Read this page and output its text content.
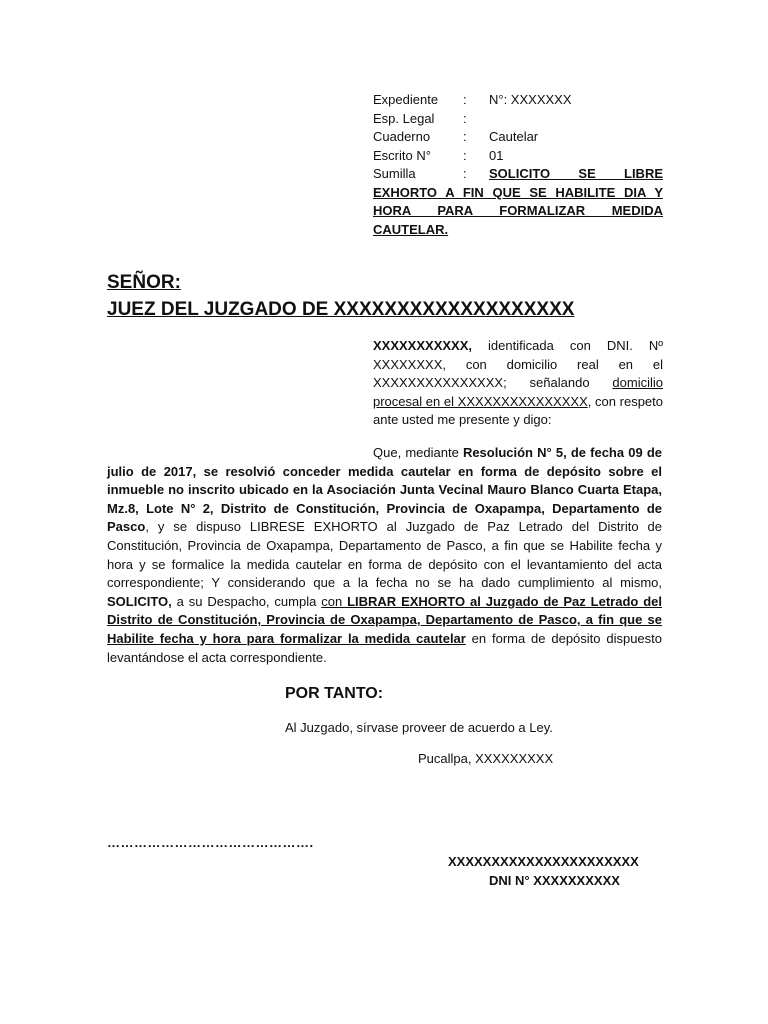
Expediente	:	N°: XXXXXXX
Esp. Legal	:
Cuaderno	:	Cautelar
Escrito N°	:	01
Sumilla	:	SOLICITO SE LIBRE
EXHORTO A FIN QUE SE HABILITE DIA Y HORA PARA FORMALIZAR MEDIDA CAUTELAR.
SEÑOR:
JUEZ DEL JUZGADO DE XXXXXXXXXXXXXXXXXXX
XXXXXXXXXXX, identificada con DNI. Nº XXXXXXXX, con domicilio real en el XXXXXXXXXXXXXXX; señalando domicilio procesal en el XXXXXXXXXXXXXXX, con respeto ante usted me presente y digo:
Que, mediante Resolución N° 5, de fecha 09 de julio de 2017, se resolvió conceder medida cautelar en forma de depósito sobre el inmueble no inscrito ubicado en la Asociación Junta Vecinal Mauro Blanco Cuarta Etapa, Mz.8, Lote N° 2, Distrito de Constitución, Provincia de Oxapampa, Departamento de Pasco, y se dispuso LIBRESE EXHORTO al Juzgado de Paz Letrado del Distrito de Constitución, Provincia de Oxapampa, Departamento de Pasco, a fin que se Habilite fecha y hora y se formalice la medida cautelar en forma de depósito con el levantamiento del acta correspondiente; Y considerando que a la fecha no se ha dado cumplimiento al mismo, SOLICITO, a su Despacho, cumpla con LIBRAR EXHORTO al Juzgado de Paz Letrado del Distrito de Constitución, Provincia de Oxapampa, Departamento de Pasco, a fin que se Habilite fecha y hora para formalizar la medida cautelar en forma de depósito dispuesto levantándose el acta correspondiente.
POR TANTO:
Al Juzgado, sírvase proveer de acuerdo a Ley.
Pucallpa, XXXXXXXXX
……………………………………….
XXXXXXXXXXXXXXXXXXXXXX
DNI N° XXXXXXXXXX
